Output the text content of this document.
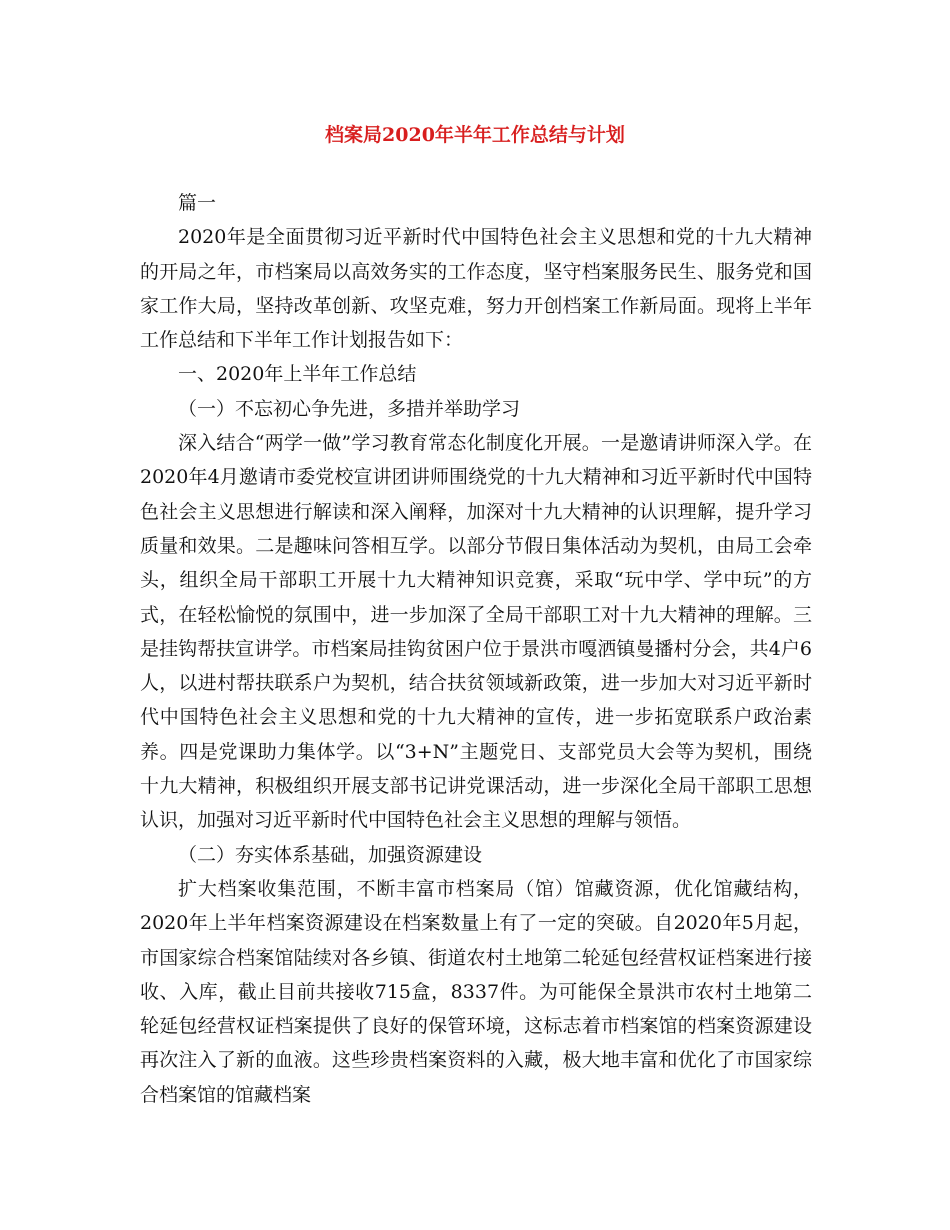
档案局2020年半年工作总结与计划

篇一

2020年是全面贯彻习近平新时代中国特色社会主义思想和党的十九大精神的开局之年，市档案局以高效务实的工作态度，坚守档案服务民生、服务党和国家工作大局，坚持改革创新、攻坚克难，努力开创档案工作新局面。现将上半年工作总结和下半年工作计划报告如下：

一、2020年上半年工作总结

（一）不忘初心争先进，多措并举助学习

深入结合“两学一做”学习教育常态化制度化开展。一是邀请讲师深入学。在2020年4月邀请市委党校宣讲团讲师围绕党的十九大精神和习近平新时代中国特色社会主义思想进行解读和深入阐释，加深对十九大精神的认识理解，提升学习质量和效果。二是趣味问答相互学。以部分节假日集体活动为契机，由局工会牵头，组织全局干部职工开展十九大精神知识竞赛，采取“玩中学、学中玩”的方式，在轻松愉悦的氛围中，进一步加深了全局干部职工对十九大精神的理解。三是挂钩帮扶宣讲学。市档案局挂钩贫困户位于景洪市嘎洒镇曼播村分会，共4户6人，以进村帮扶联系户为契机，结合扶贫领域新政策，进一步加大对习近平新时代中国特色社会主义思想和党的十九大精神的宣传，进一步拓宽联系户政治素养。四是党课助力集体学。以“3+N”主题党日、支部党员大会等为契机，围绕十九大精神，积极组织开展支部书记讲党课活动，进一步深化全局干部职工思想认识，加强对习近平新时代中国特色社会主义思想的理解与领悟。

（二）夯实体系基础，加强资源建设

扩大档案收集范围，不断丰富市档案局（馆）馆藏资源，优化馆藏结构，2020年上半年档案资源建设在档案数量上有了一定的突破。自2020年5月起，市国家综合档案馆陆续对各乡镇、街道农村土地第二轮延包经营权证档案进行接收、入库，截止目前共接收715盒，8337件。为可能保全景洪市农村土地第二轮延包经营权证档案提供了良好的保管环境，这标志着市档案馆的档案资源建设再次注入了新的血液。这些珍贵档案资料的入藏，极大地丰富和优化了市国家综合档案馆的馆藏档案
